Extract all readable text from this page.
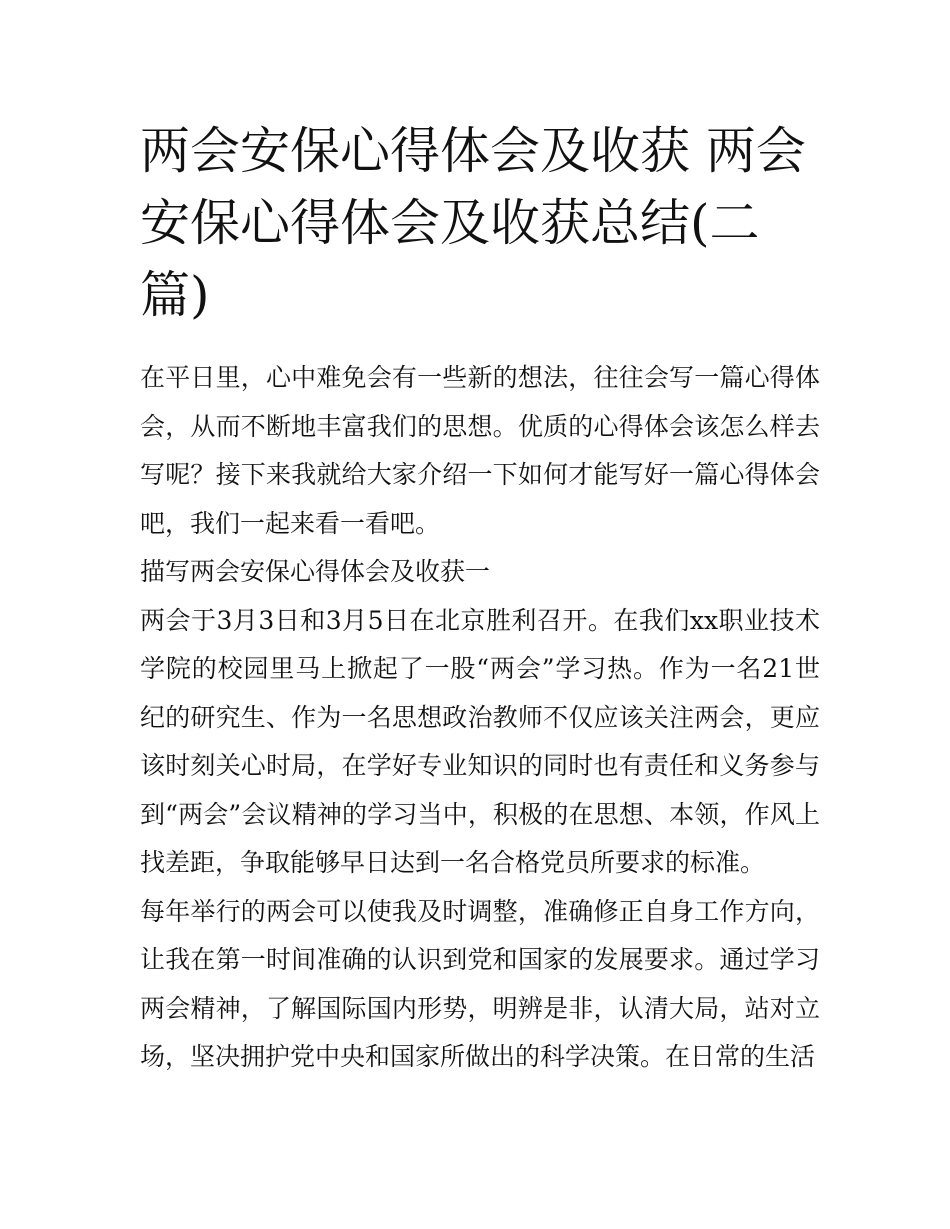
两会安保心得体会及收获 两会安保心得体会及收获总结(二篇)

在平日里，心中难免会有一些新的想法，往往会写一篇心得体会，从而不断地丰富我们的思想。优质的心得体会该怎么样去写呢？接下来我就给大家介绍一下如何才能写好一篇心得体会吧，我们一起来看一看吧。

描写两会安保心得体会及收获一

两会于3月3日和3月5日在北京胜利召开。在我们xx职业技术学院的校园里马上掀起了一股“两会”学习热。作为一名21世纪的研究生、作为一名思想政治教师不仅应该关注两会，更应该时刻关心时局，在学好专业知识的同时也有责任和义务参与到“两会”会议精神的学习当中，积极的在思想、本领，作风上找差距，争取能够早日达到一名合格党员所要求的标准。

每年举行的两会可以使我及时调整，准确修正自身工作方向，让我在第一时间准确的认识到党和国家的发展要求。通过学习两会精神，了解国际国内形势，明辨是非，认清大局，站对立场，坚决拥护党中央和国家所做出的科学决策。在日常的生活
